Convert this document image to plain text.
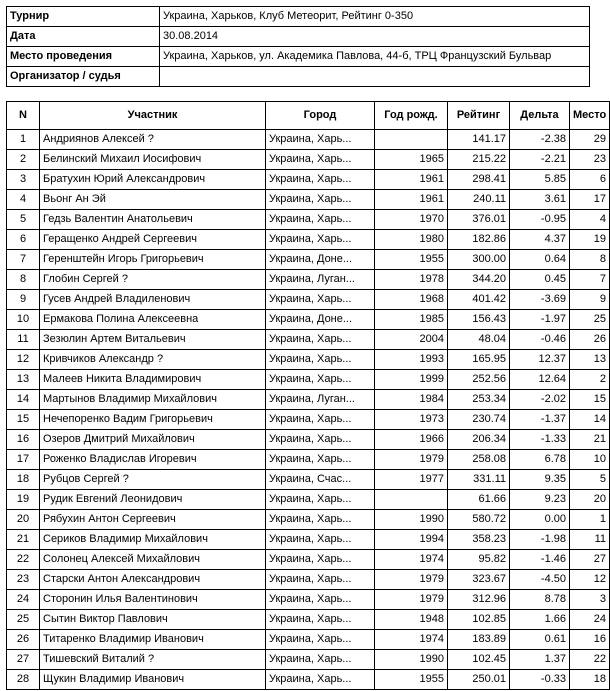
Турнир	Украина, Харьков, Клуб Метеорит, Рейтинг 0-350
Дата	30.08.2014
Место проведения	Украина, Харьков, ул. Академика Павлова, 44-б, ТРЦ Французский Бульвар
Организатор / судья	
N	Участник	Город	Год рожд.	Рейтинг	Дельта	Место
1	Андриянов Алексей ?	Украина, Харь...		141.17	-2.38	29
2	Белинский Михаил Иосифович	Украина, Харь...	1965	215.22	-2.21	23
3	Братухин Юрий Александрович	Украина, Харь...	1961	298.41	5.85	6
4	Вьонг Ан Эй	Украина, Харь...	1961	240.11	3.61	17
5	Гедзь Валентин Анатольевич	Украина, Харь...	1970	376.01	-0.95	4
6	Геращенко Андрей Сергеевич	Украина, Харь...	1980	182.86	4.37	19
7	Геренштейн Игорь Григорьевич	Украина, Доне...	1955	300.00	0.64	8
8	Глобин Сергей ?	Украина, Луган...	1978	344.20	0.45	7
9	Гусев Андрей Владиленович	Украина, Харь...	1968	401.42	-3.69	9
10	Ермакова Полина Алексеевна	Украина, Доне...	1985	156.43	-1.97	25
11	Зезюлин Артем Витальевич	Украина, Харь...	2004	48.04	-0.46	26
12	Кривчиков Александр ?	Украина, Харь...	1993	165.95	12.37	13
13	Малеев Никита Владимирович	Украина, Харь...	1999	252.56	12.64	2
14	Мартынов Владимир Михайлович	Украина, Луган...	1984	253.34	-2.02	15
15	Нечепоренко Вадим Григорьевич	Украина, Харь...	1973	230.74	-1.37	14
16	Озеров Дмитрий Михайлович	Украина, Харь...	1966	206.34	-1.33	21
17	Роженко Владислав Игоревич	Украина, Харь...	1979	258.08	6.78	10
18	Рубцов Сергей ?	Украина, Счас...	1977	331.11	9.35	5
19	Рудик Евгений Леонидович	Украина, Харь...		61.66	9.23	20
20	Рябухин Антон Сергеевич	Украина, Харь...	1990	580.72	0.00	1
21	Сериков Владимир Михайлович	Украина, Харь...	1994	358.23	-1.98	11
22	Солонец Алексей Михайлович	Украина, Харь...	1974	95.82	-1.46	27
23	Старски Антон Александрович	Украина, Харь...	1979	323.67	-4.50	12
24	Сторонин Илья Валентинович	Украина, Харь...	1979	312.96	8.78	3
25	Сытин Виктор Павлович	Украина, Харь...	1948	102.85	1.66	24
26	Титаренко Владимир Иванович	Украина, Харь...	1974	183.89	0.61	16
27	Тишевский Виталий ?	Украина, Харь...	1990	102.45	1.37	22
28	Щукин Владимир Иванович	Украина, Харь...	1955	250.01	-0.33	18
